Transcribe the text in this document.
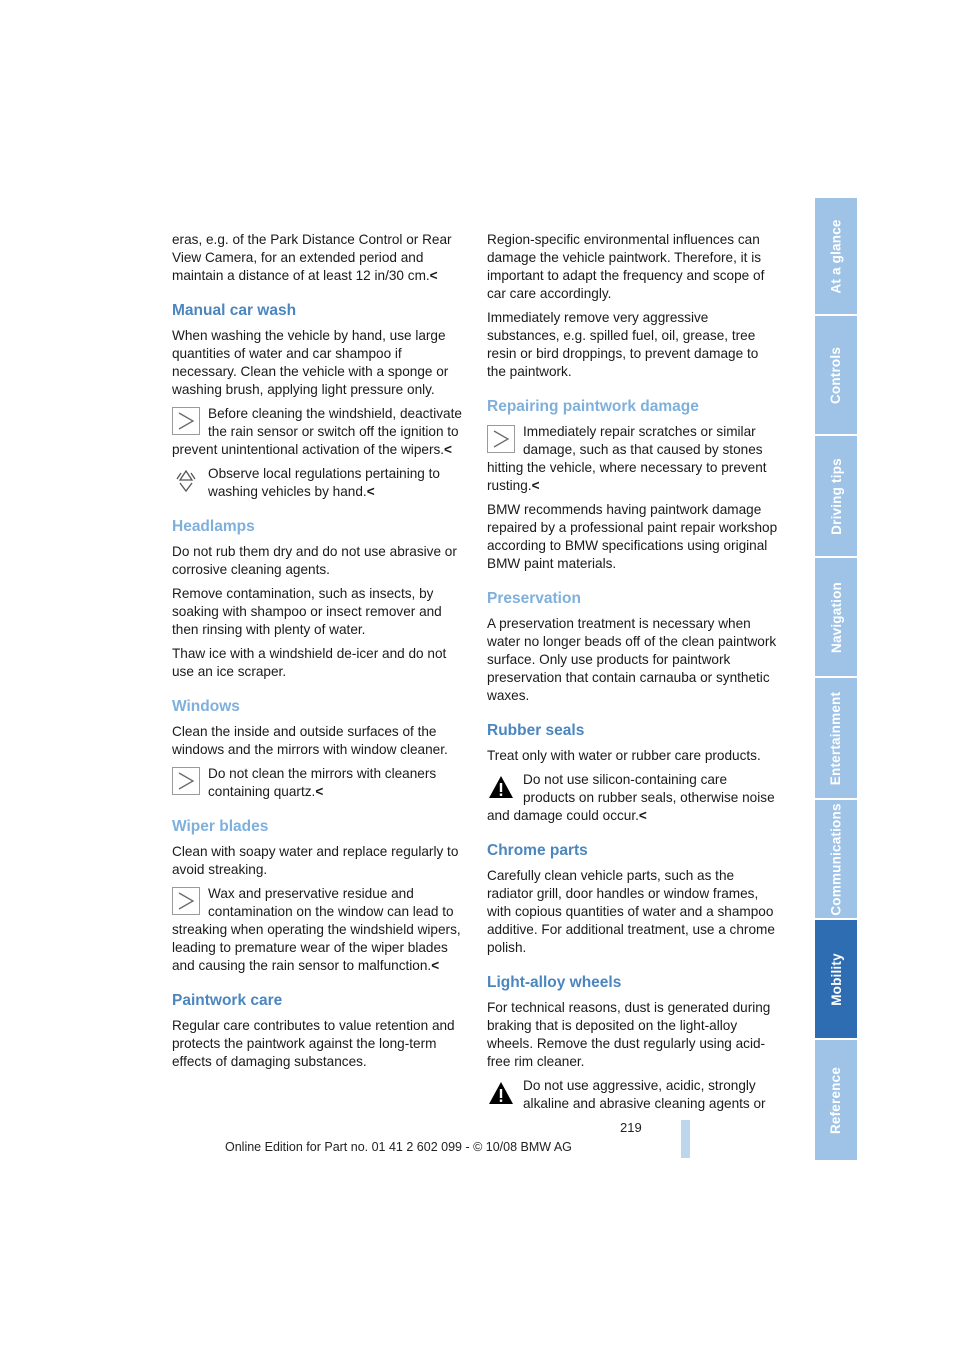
eras, e.g. of the Park Distance Control or Rear View Camera, for an extended period and maintain a distance of at least 12 in/30 cm.<

Manual car wash

When washing the vehicle by hand, use large quantities of water and car shampoo if necessary. Clean the vehicle with a sponge or washing brush, applying light pressure only.

Before cleaning the windshield, deactivate the rain sensor or switch off the ignition to prevent unintentional activation of the wipers.<
Observe local regulations pertaining to washing vehicles by hand.<
Headlamps

Do not rub them dry and do not use abrasive or corrosive cleaning agents.

Remove contamination, such as insects, by soaking with shampoo or insect remover and then rinsing with plenty of water.

Thaw ice with a windshield de-icer and do not use an ice scraper.

Windows

Clean the inside and outside surfaces of the windows and the mirrors with window cleaner.

Do not clean the mirrors with cleaners containing quartz.<
Wiper blades

Clean with soapy water and replace regularly to avoid streaking.

Wax and preservative residue and contamination on the window can lead to streaking when operating the windshield wipers, leading to premature wear of the wiper blades and causing the rain sensor to malfunction.<
Paintwork care

Regular care contributes to value retention and protects the paintwork against the long-term effects of damaging substances.

Region-specific environmental influences can damage the vehicle paintwork. Therefore, it is important to adapt the frequency and scope of car care accordingly.

Immediately remove very aggressive substances, e.g. spilled fuel, oil, grease, tree resin or bird droppings, to prevent damage to the paintwork.

Repairing paintwork damage
Immediately repair scratches or similar damage, such as that caused by stones hitting the vehicle, where necessary to prevent rusting.<

BMW recommends having paintwork damage repaired by a professional paint repair workshop according to BMW specifications using original BMW paint materials.

Preservation

A preservation treatment is necessary when water no longer beads off of the clean paintwork surface. Only use products for paintwork preservation that contain carnauba or synthetic waxes.

Rubber seals

Treat only with water or rubber care products.

Do not use silicon-containing care products on rubber seals, otherwise noise and damage could occur.<
Chrome parts

Carefully clean vehicle parts, such as the radiator grill, door handles or window frames, with copious quantities of water and a shampoo additive. For additional treatment, use a chrome polish.

Light-alloy wheels

For technical reasons, dust is generated during braking that is deposited on the light-alloy wheels. Remove the dust regularly using acid-free rim cleaner.

Do not use aggressive, acidic, strongly alkaline and abrasive cleaning agents or
At a glance
Controls
Driving tips
Navigation
Entertainment
Communications
Mobility
Reference
219
Online Edition for Part no. 01 41 2 602 099 - © 10/08 BMW AG
